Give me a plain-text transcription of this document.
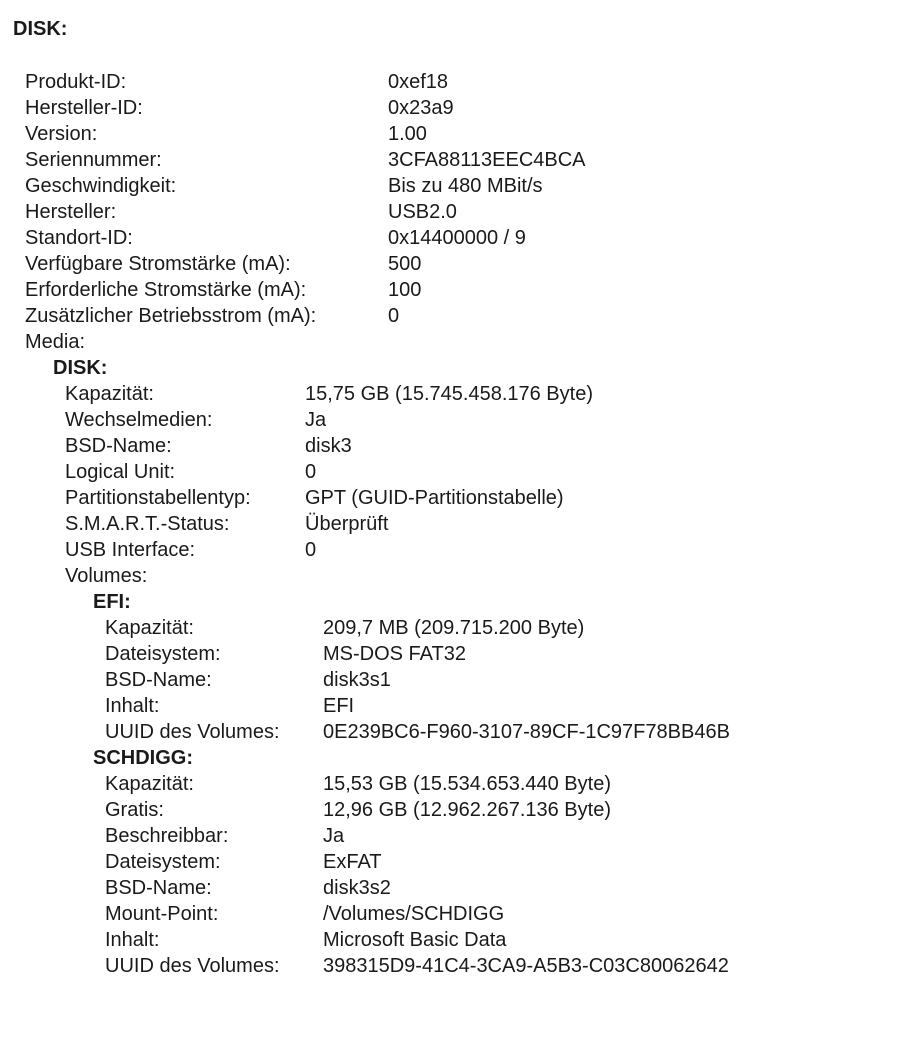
DISK:
Produkt-ID:	0xef18
Hersteller-ID:	0x23a9
Version:	1.00
Seriennummer:	3CFA88113EEC4BCA
Geschwindigkeit:	Bis zu 480 MBit/s
Hersteller:	USB2.0
Standort-ID:	0x14400000 / 9
Verfügbare Stromstärke (mA):	500
Erforderliche Stromstärke (mA):	100
Zusätzlicher Betriebsstrom (mA):	0
Media:
DISK:
Kapazität:	15,75 GB (15.745.458.176 Byte)
Wechselmedien:	Ja
BSD-Name:	disk3
Logical Unit:	0
Partitionstabellentyp:	GPT (GUID-Partitionstabelle)
S.M.A.R.T.-Status:	Überprüft
USB Interface:	0
Volumes:
EFI:
Kapazität:	209,7 MB (209.715.200 Byte)
Dateisystem:	MS-DOS FAT32
BSD-Name:	disk3s1
Inhalt:	EFI
UUID des Volumes: 0E239BC6-F960-3107-89CF-1C97F78BB46B
SCHDIGG:
Kapazität:	15,53 GB (15.534.653.440 Byte)
Gratis:	12,96 GB (12.962.267.136 Byte)
Beschreibbar:	Ja
Dateisystem:	ExFAT
BSD-Name:	disk3s2
Mount-Point:	/Volumes/SCHDIGG
Inhalt:	Microsoft Basic Data
UUID des Volumes: 398315D9-41C4-3CA9-A5B3-C03C80062642
